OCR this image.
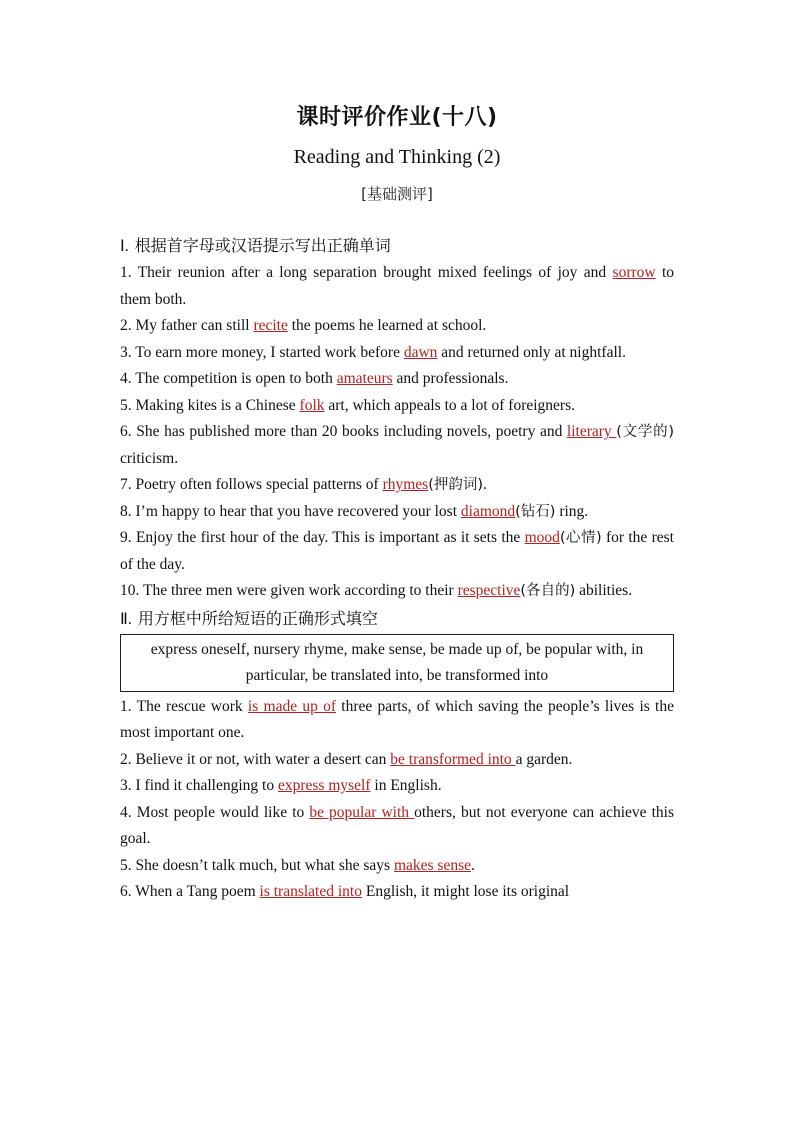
课时评价作业(十八)
Reading and Thinking (2)
[基础测评]
Ⅰ. 根据首字母或汉语提示写出正确单词
1. Their reunion after a long separation brought mixed feelings of joy and sorrow to them both.
2. My father can still recite the poems he learned at school.
3. To earn more money, I started work before dawn and returned only at nightfall.
4. The competition is open to both amateurs and professionals.
5. Making kites is a Chinese folk art, which appeals to a lot of foreigners.
6. She has published more than 20 books including novels, poetry and literary (文学的) criticism.
7. Poetry often follows special patterns of rhymes(押韵词).
8. I’m happy to hear that you have recovered your lost diamond(钻石) ring.
9. Enjoy the first hour of the day. This is important as it sets the mood(心情) for the rest of the day.
10. The three men were given work according to their respective(各自的) abilities.
Ⅱ. 用方框中所给短语的正确形式填空
express oneself, nursery rhyme, make sense, be made up of, be popular with, in particular, be translated into, be transformed into
1. The rescue work is made up of three parts, of which saving the people’s lives is the most important one.
2. Believe it or not, with water a desert can be transformed into a garden.
3. I find it challenging to express myself in English.
4. Most people would like to be popular with others, but not everyone can achieve this goal.
5. She doesn’t talk much, but what she says makes sense.
6. When a Tang poem is translated into English, it might lose its original
